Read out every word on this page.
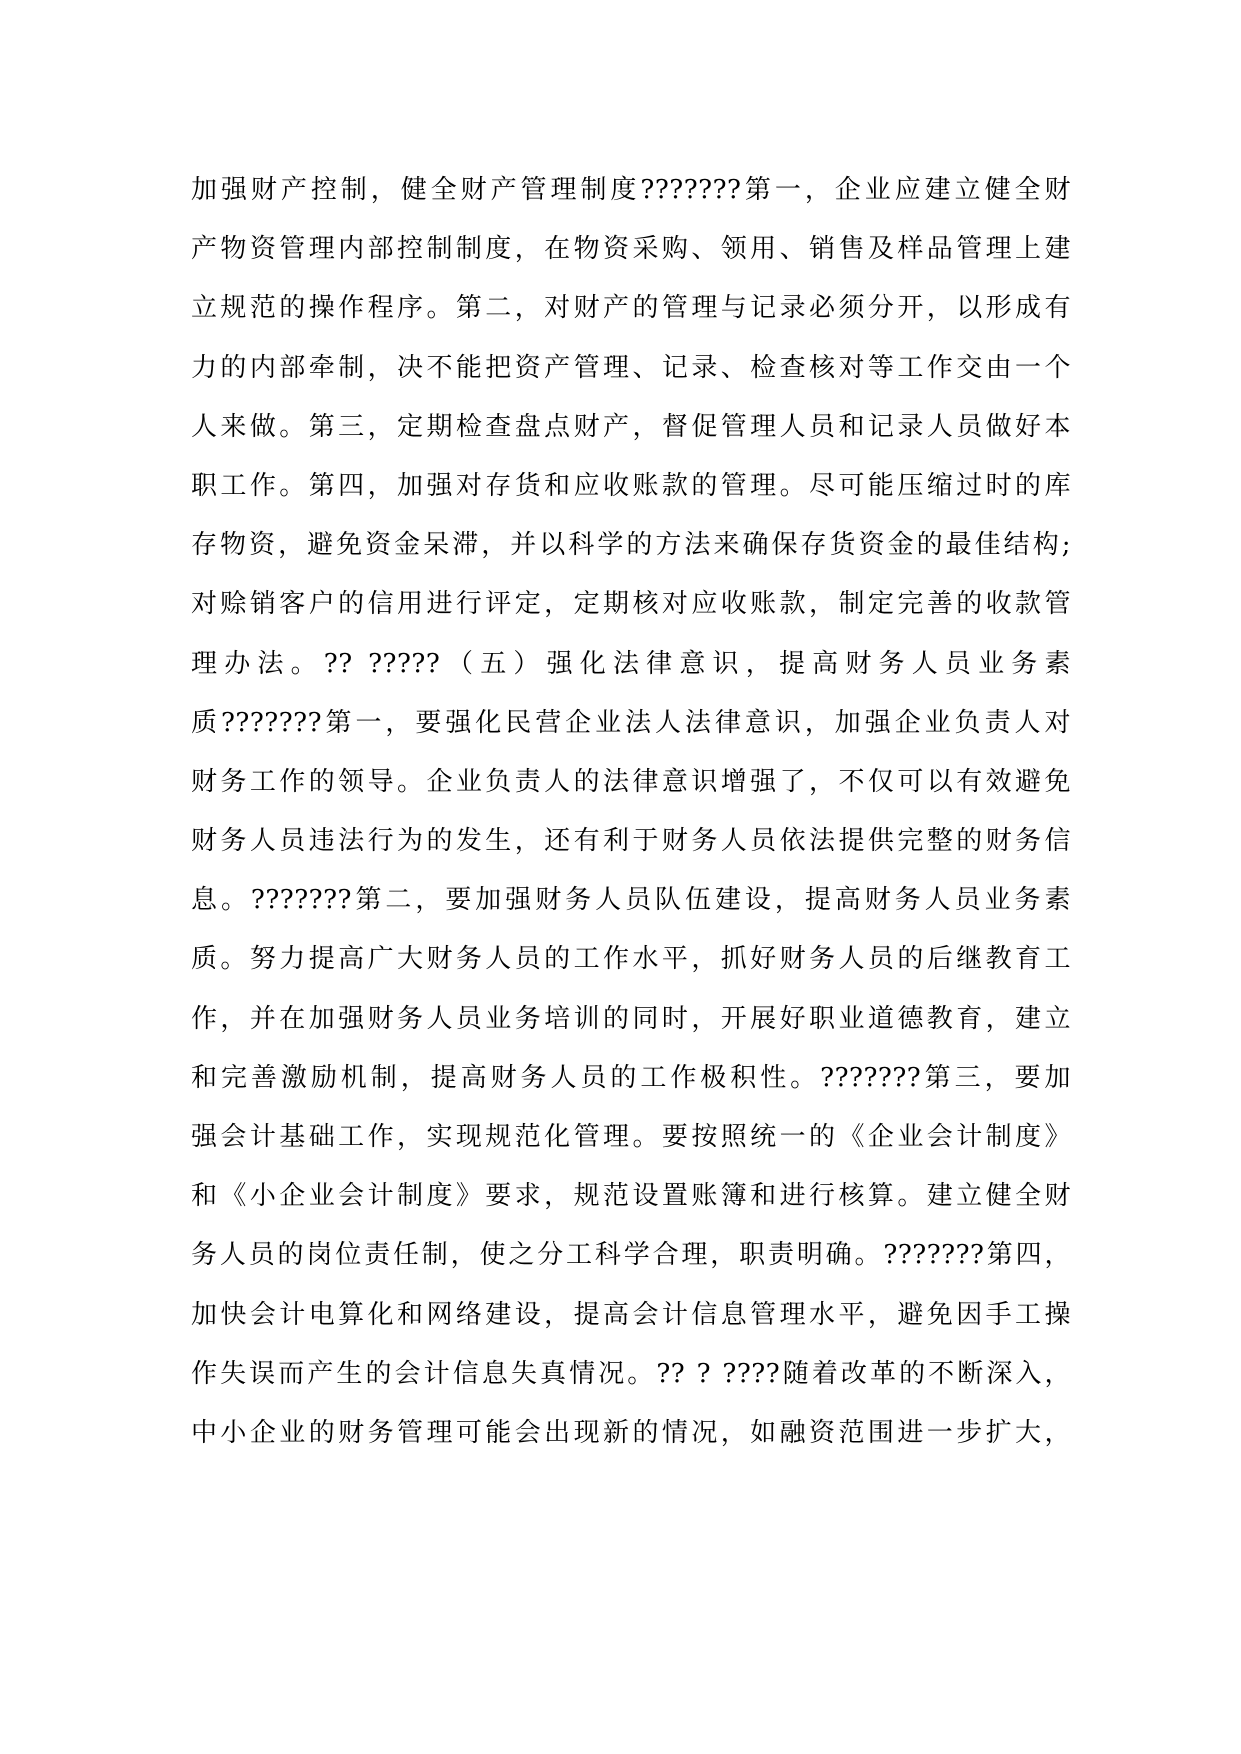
加强财产控制，健全财产管理制度???????第一，企业应建立健全财
产物资管理内部控制制度，在物资采购、领用、销售及样品管理上建
立规范的操作程序。第二，对财产的管理与记录必须分开，以形成有
力的内部牵制，决不能把资产管理、记录、检查核对等工作交由一个
人来做。第三，定期检查盘点财产，督促管理人员和记录人员做好本
职工作。第四，加强对存货和应收账款的管理。尽可能压缩过时的库
存物资，避免资金呆滞，并以科学的方法来确保存货资金的最佳结构;
对赊销客户的信用进行评定，定期核对应收账款，制定完善的收款管
理办法。?? ?????（五）强化法律意识，提高财务人员业务素
质???????第一，要强化民营企业法人法律意识，加强企业负责人对
财务工作的领导。企业负责人的法律意识增强了，不仅可以有效避免
财务人员违法行为的发生，还有利于财务人员依法提供完整的财务信
息。???????第二，要加强财务人员队伍建设，提高财务人员业务素
质。努力提高广大财务人员的工作水平，抓好财务人员的后继教育工
作，并在加强财务人员业务培训的同时，开展好职业道德教育，建立
和完善激励机制，提高财务人员的工作极积性。???????第三，要加
强会计基础工作，实现规范化管理。要按照统一的《企业会计制度》
和《小企业会计制度》要求，规范设置账簿和进行核算。建立健全财
务人员的岗位责任制，使之分工科学合理，职责明确。???????第四，
加快会计电算化和网络建设，提高会计信息管理水平，避免因手工操
作失误而产生的会计信息失真情况。?? ? ????随着改革的不断深入，
中小企业的财务管理可能会出现新的情况，如融资范围进一步扩大，
